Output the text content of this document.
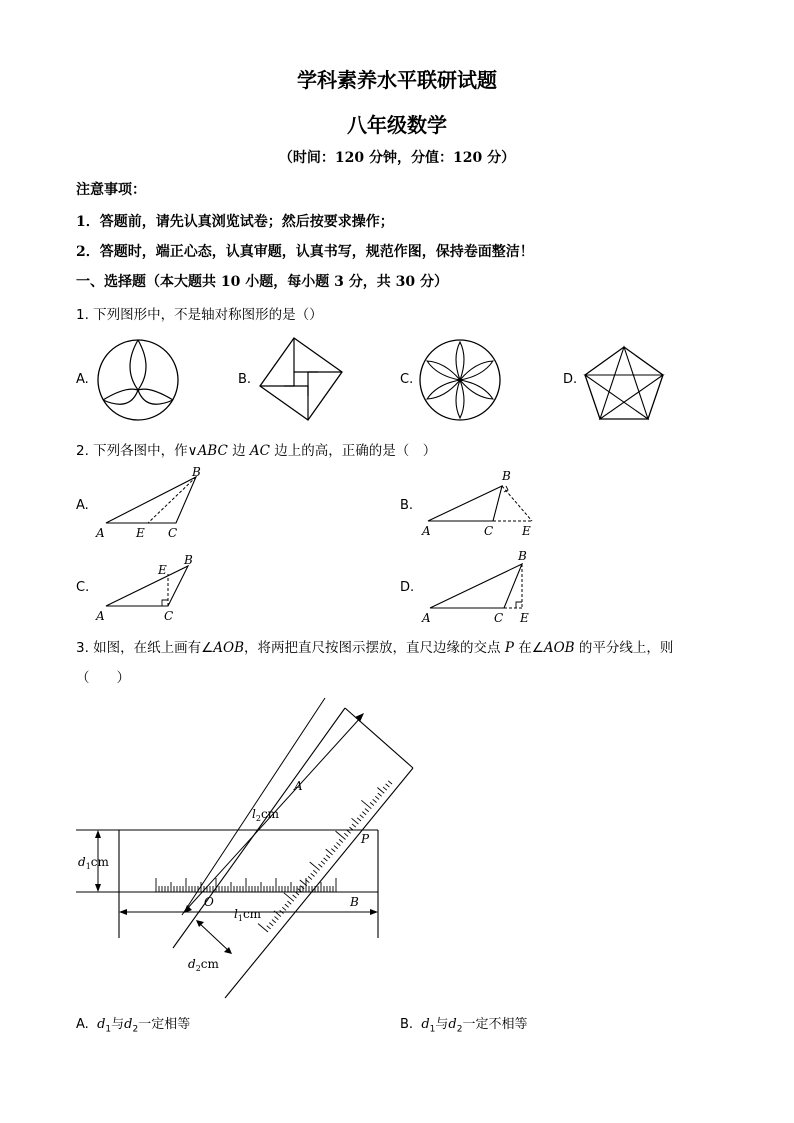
学科素养水平联研试题
八年级数学
（时间：120 分钟，分值：120 分）
注意事项：
1．答题前，请先认真浏览试卷；然后按要求操作；
2．答题时，端正心态，认真审题，认真书写，规范作图，保持卷面整洁！
一、选择题（本大题共 10 小题，每小题 3 分，共 30 分）
1. 下列图形中，不是轴对称图形的是（）
A.	B.	C.	D.
2. 下列各图中，作∨ABC 边 AC 边上的高，正确的是（　）
A.
A	E C
B
B.
A	C E
B
C.
A	C
E
B
D.
A	C E
B
3. 如图，在纸上画有∠AOB，将两把直尺按图示摆放，直尺边缘的交点 P 在∠AOB 的平分线上，则
（　　）
A
B
O
P
$d_1cm$
$l_1cm$
$l_2cm$
$d_2cm$
A. $d_1$与$d_2$一定相等	B. $d_1$与$d_2$一定不相等
